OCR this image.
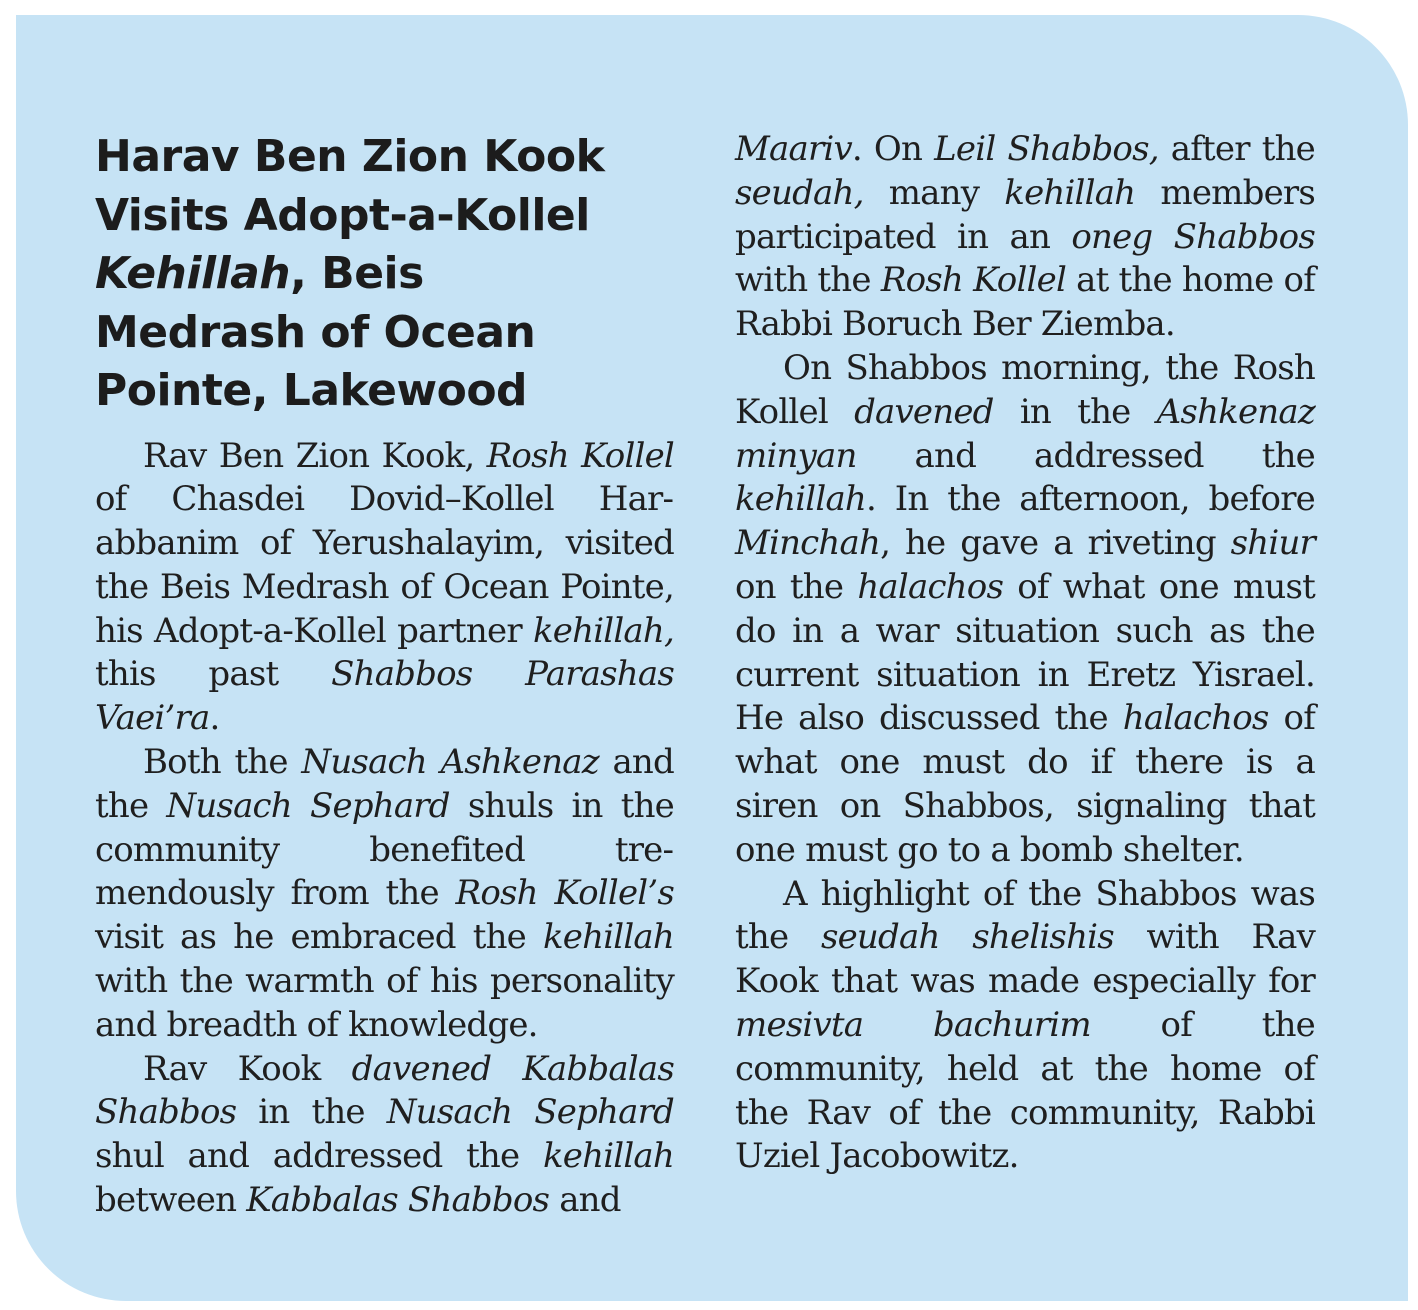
Harav Ben Zion Kook Visits Adopt-a-Kollel Kehillah, Beis Medrash of Ocean Pointe, Lakewood

Rav Ben Zion Kook, Rosh Kollel of Chasdei Dovid–Kollel Harabbanim of Yerushalayim, visited the Beis Medrash of Ocean Pointe, his Adopt-a-Kollel partner kehillah, this past Shabbos Parashas Vaei’ra.

Both the Nusach Ashkenaz and the Nusach Sephard shuls in the community benefited tremendously from the Rosh Kollel’s visit as he embraced the kehillah with the warmth of his personality and breadth of knowledge.

Rav Kook davened Kabbalas Shabbos in the Nusach Sephard shul and addressed the kehillah between Kabbalas Shabbos and

Maariv. On Leil Shabbos, after the seudah, many kehillah members participated in an oneg Shabbos with the Rosh Kollel at the home of Rabbi Boruch Ber Ziemba.

On Shabbos morning, the Rosh Kollel davened in the Ashkenaz minyan and addressed the kehillah. In the afternoon, before Minchah, he gave a riveting shiur on the halachos of what one must do in a war situation such as the current situation in Eretz Yisrael. He also discussed the halachos of what one must do if there is a siren on Shabbos, signaling that one must go to a bomb shelter.

A highlight of the Shabbos was the seudah shelishis with Rav Kook that was made especially for mesivta bachurim of the community, held at the home of the Rav of the community, Rabbi Uziel Jacobowitz.
